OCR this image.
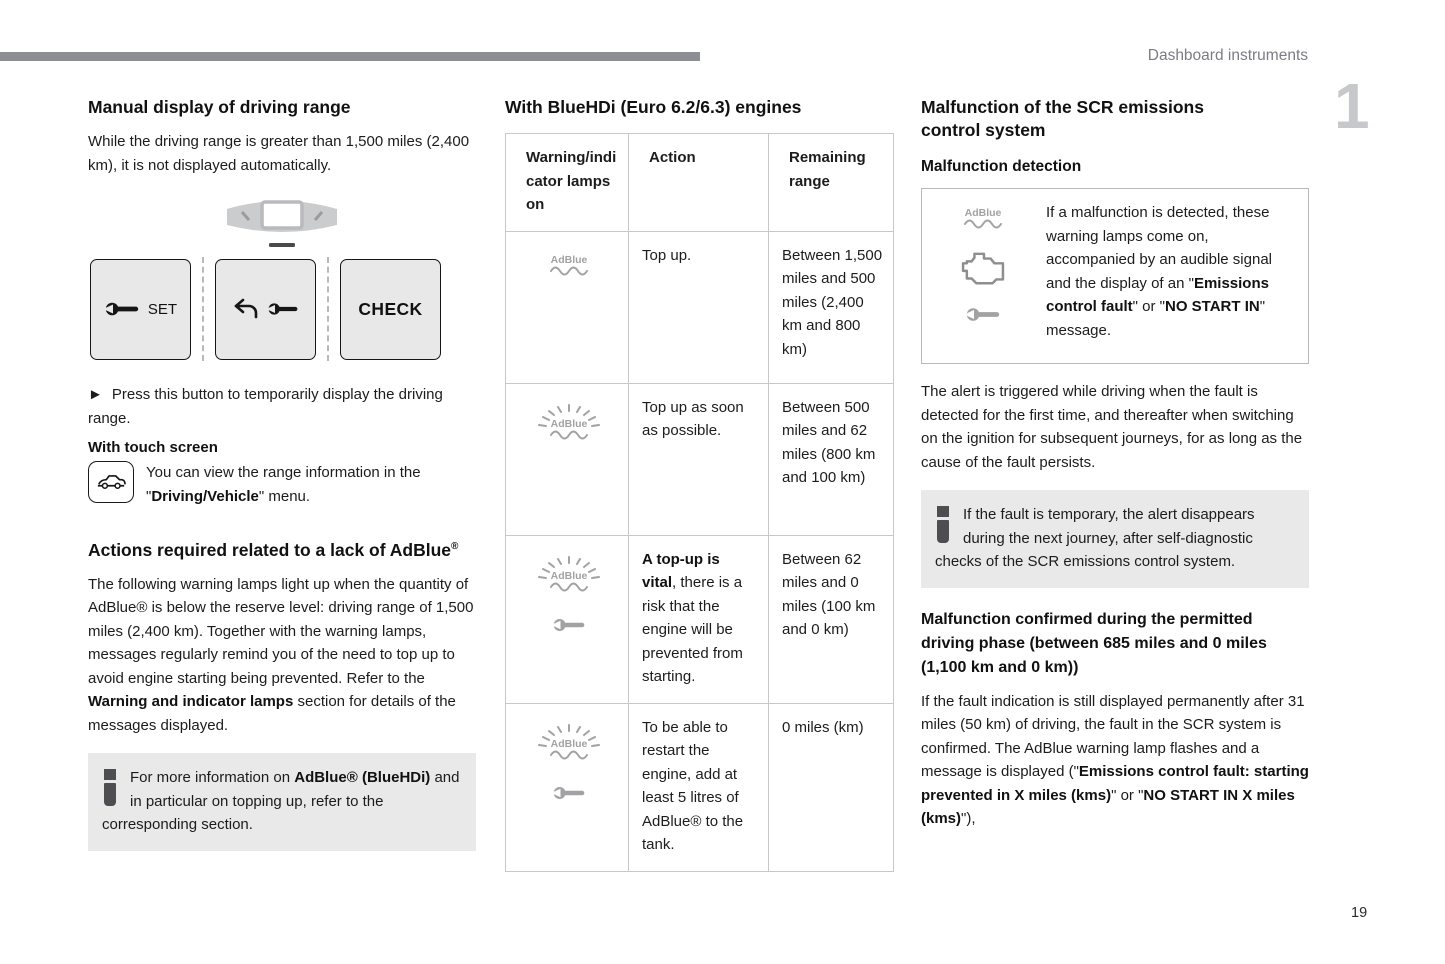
Dashboard instruments
1
19
Manual display of driving range

While the driving range is greater than 1,500 miles (2,400 km), it is not displayed automatically.

SET	CHECK

► Press this button to temporarily display the driving range.

With touch screen

You can view the range information in the "Driving/Vehicle" menu.

Actions required related to a lack of AdBlue®

The following warning lamps light up when the quantity of AdBlue® is below the reserve level: driving range of 1,500 miles (2,400 km). Together with the warning lamps, messages regularly remind you of the need to top up to avoid engine starting being prevented. Refer to the Warning and indicator lamps section for details of the messages displayed.

For more information on AdBlue® (BlueHDi) and in particular on topping up, refer to the corresponding section.
With BlueHDi (Euro 6.2/6.3) engines
Warning/indicator lamps on	Action	Remaining range

AdBlue	Top up.	Between 1,500 miles and 500 miles (2,400 km and 800 km)

AdBlue	Top up as soon as possible.	Between 500 miles and 62 miles (800 km and 100 km)

AdBlue	A top-up is vital, there is a risk that the engine will be prevented from starting.	Between 62 miles and 0 miles (100 km and 0 km)

AdBlue	To be able to restart the engine, add at least 5 litres of AdBlue® to the tank.	0 miles (km)
Malfunction of the SCR emissions control system

Malfunction detection

AdBlue	If a malfunction is detected, these warning lamps come on, accompanied by an audible signal and the display of an "Emissions control fault" or "NO START IN" message.

The alert is triggered while driving when the fault is detected for the first time, and thereafter when switching on the ignition for subsequent journeys, for as long as the cause of the fault persists.

If the fault is temporary, the alert disappears during the next journey, after self-diagnostic checks of the SCR emissions control system.

Malfunction confirmed during the permitted driving phase (between 685 miles and 0 miles (1,100 km and 0 km))

If the fault indication is still displayed permanently after 31 miles (50 km) of driving, the fault in the SCR system is confirmed. The AdBlue warning lamp flashes and a message is displayed ("Emissions control fault: starting prevented in X miles (kms)" or "NO START IN X miles (kms)"),
